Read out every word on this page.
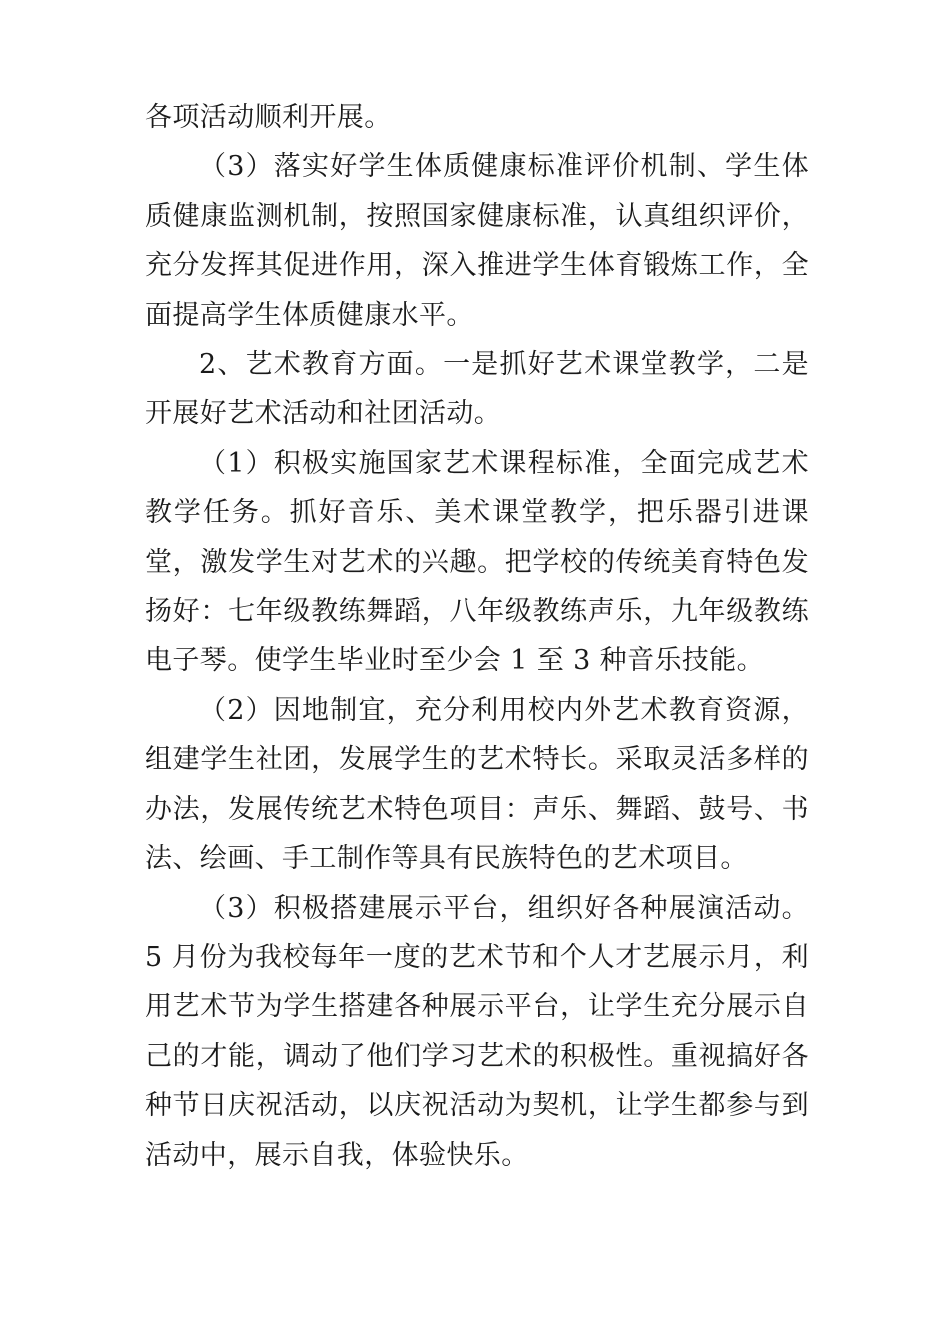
各项活动顺利开展。

（3）落实好学生体质健康标准评价机制、学生体质健康监测机制，按照国家健康标准，认真组织评价，充分发挥其促进作用，深入推进学生体育锻炼工作，全面提高学生体质健康水平。

2、艺术教育方面。一是抓好艺术课堂教学，二是开展好艺术活动和社团活动。

（1）积极实施国家艺术课程标准，全面完成艺术教学任务。抓好音乐、美术课堂教学，把乐器引进课堂，激发学生对艺术的兴趣。把学校的传统美育特色发扬好：七年级教练舞蹈，八年级教练声乐，九年级教练电子琴。使学生毕业时至少会 1 至 3 种音乐技能。

（2）因地制宜，充分利用校内外艺术教育资源，组建学生社团，发展学生的艺术特长。采取灵活多样的办法，发展传统艺术特色项目：声乐、舞蹈、鼓号、书法、绘画、手工制作等具有民族特色的艺术项目。

（3）积极搭建展示平台，组织好各种展演活动。5 月份为我校每年一度的艺术节和个人才艺展示月，利用艺术节为学生搭建各种展示平台，让学生充分展示自己的才能，调动了他们学习艺术的积极性。重视搞好各种节日庆祝活动，以庆祝活动为契机，让学生都参与到活动中，展示自我，体验快乐。
